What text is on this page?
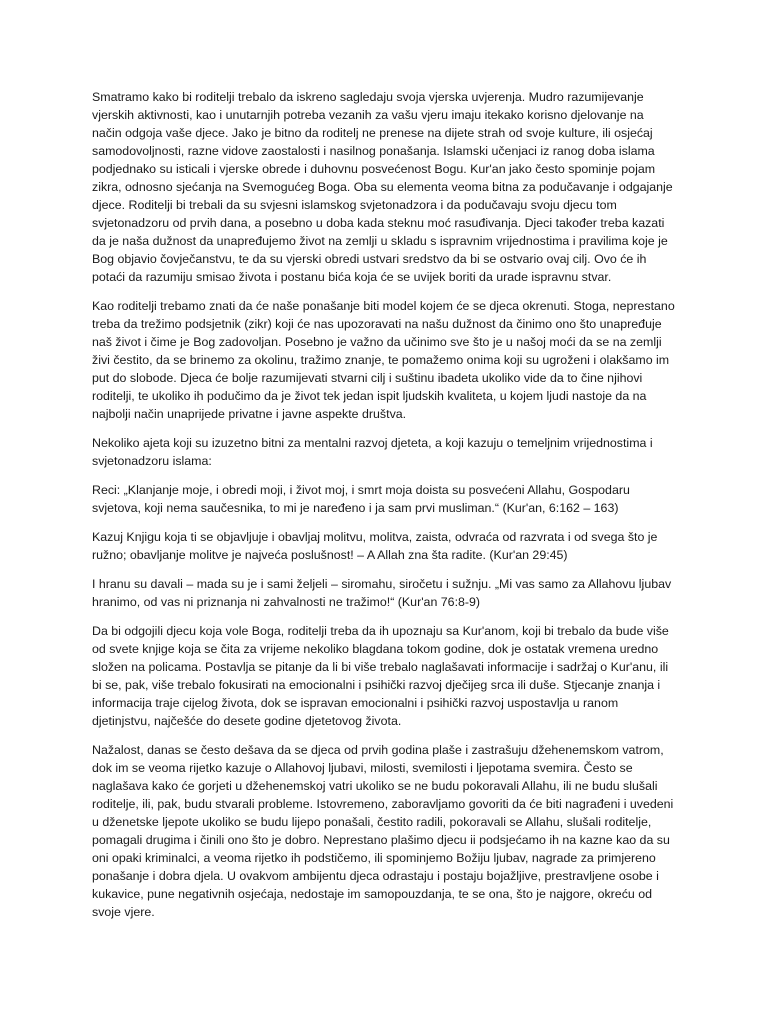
Smatramo kako bi roditelji trebalo da iskreno sagledaju svoja vjerska uvjerenja. Mudro razumijevanje vjerskih aktivnosti, kao i unutarnjih potreba vezanih za vašu vjeru imaju itekako korisno djelovanje na način odgoja vaše djece. Jako je bitno da roditelj ne prenese na dijete strah od svoje kulture, ili osjećaj samodovoljnosti, razne vidove zaostalosti i nasilnog ponašanja. Islamski učenjaci iz ranog doba islama podjednako su isticali i vjerske obrede i duhovnu posvećenost Bogu. Kur'an jako često spominje pojam zikra, odnosno sjećanja na Svemogućeg Boga. Oba su elementa veoma bitna za podučavanje i odgajanje djece. Roditelji bi trebali da su svjesni islamskog svjetonadzora i da podučavaju svoju djecu tom svjetonadzoru od prvih dana, a posebno u doba kada steknu moć rasuđivanja. Djeci također treba kazati da je naša dužnost da unapređujemo život na zemlji u skladu s ispravnim vrijednostima i pravilima koje je Bog objavio čovječanstvu, te da su vjerski obredi ustvari sredstvo da bi se ostvario ovaj cilj. Ovo će ih potaći da razumiju smisao života i postanu bića koja će se uvijek boriti da urade ispravnu stvar.

Kao roditelji trebamo znati da će naše ponašanje biti model kojem će se djeca okrenuti. Stoga, neprestano treba da trežimo podsjetnik (zikr) koji će nas upozoravati na našu dužnost da činimo ono što unapređuje naš život i čime je Bog zadovoljan. Posebno je važno da učinimo sve što je u našoj moći da se na zemlji živi čestito, da se brinemo za okolinu, tražimo znanje, te pomažemo onima koji su ugroženi i olakšamo im put do slobode. Djeca će bolje razumijevati stvarni cilj i suštinu ibadeta ukoliko vide da to čine njihovi roditelji, te ukoliko ih podučimo da je život tek jedan ispit ljudskih kvaliteta, u kojem ljudi nastoje da na najbolji način unaprijede privatne i javne aspekte društva.

Nekoliko ajeta koji su izuzetno bitni za mentalni razvoj djeteta, a koji kazuju o temeljnim vrijednostima i svjetonadzoru islama:

Reci: „Klanjanje moje, i obredi moji, i život moj, i smrt moja doista su posvećeni Allahu, Gospodaru svjetova, koji nema saučesnika, to mi je naređeno i ja sam prvi musliman.“ (Kur'an, 6:162 – 163)

Kazuj Knjigu koja ti se objavljuje i obavljaj molitvu, molitva, zaista, odvraća od razvrata i od svega što je ružno; obavljanje molitve je najveća poslušnost! – A Allah zna šta radite. (Kur'an 29:45)

I hranu su davali – mada su je i sami željeli – siromahu, siročetu i sužnju. „Mi vas samo za Allahovu ljubav hranimo, od vas ni priznanja ni zahvalnosti ne tražimo!“ (Kur'an 76:8-9)

Da bi odgojili djecu koja vole Boga, roditelji treba da ih upoznaju sa Kur'anom, koji bi trebalo da bude više od svete knjige koja se čita za vrijeme nekoliko blagdana tokom godine, dok je ostatak vremena uredno složen na policama. Postavlja se pitanje da li bi više trebalo naglašavati informacije i sadržaj o Kur'anu, ili bi se, pak, više trebalo fokusirati na emocionalni i psihički razvoj dječijeg srca ili duše. Stjecanje znanja i informacija traje cijelog života, dok se ispravan emocionalni i psihički razvoj uspostavlja u ranom djetinjstvu, najčešće do desete godine djetetovog života.

Nažalost, danas se često dešava da se djeca od prvih godina plaše i zastrašuju džehenemskom vatrom, dok im se veoma rijetko kazuje o Allahovoj ljubavi, milosti, svemilosti i ljepotama svemira. Često se naglašava kako će gorjeti u džehenemskoj vatri ukoliko se ne budu pokoravali Allahu, ili ne budu slušali roditelje, ili, pak, budu stvarali probleme. Istovremeno, zaboravljamo govoriti da će biti nagrađeni i uvedeni u dženetske ljepote ukoliko se budu lijepo ponašali, čestito radili, pokoravali se Allahu, slušali roditelje, pomagali drugima i činili ono što je dobro. Neprestano plašimo djecu ii podsjećamo ih na kazne kao da su oni opaki kriminalci, a veoma rijetko ih podstičemo, ili spominjemo Božiju ljubav, nagrade za primjereno ponašanje i dobra djela. U ovakvom ambijentu djeca odrastaju i postaju bojažljive, prestravljene osobe i kukavice, pune negativnih osjećaja, nedostaje im samopouzdanja, te se ona, što je najgore, okreću od svoje vjere.
